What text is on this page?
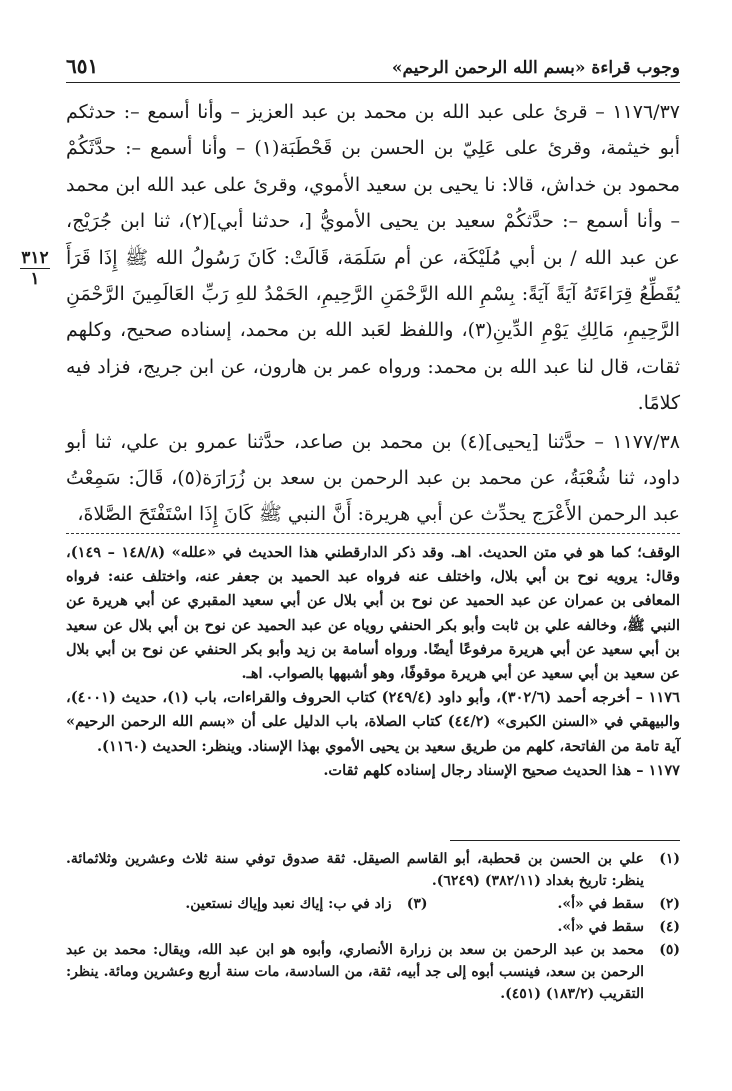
وجوب قراءة «بسم الله الرحمن الرحيم»
٦٥١
٣١٢
١

١١٧٦/٣٧ – قرئ على عبد الله بن محمد بن عبد العزيز – وأنا أسمع –: حدثكم أبو خيثمة، وقرئ على عَلِيّ بن الحسن بن قَحْطَبَة(١) – وأنا أسمع –: حدَّثَكُمْ محمود بن خداش، قالا: نا يحيى بن سعيد الأموي، وقرئ على عبد الله ابن محمد – وأنا أسمع –: حدَّثكُمْ سعيد بن يحيى الأمويُّ [، حدثنا أبي](٢)، ثنا ابن جُرَيْج، عن عبد الله / بن أبي مُلَيْكَة، عن أم سَلَمَة، قَالَتْ: كَانَ رَسُولُ الله ﷺ إِذَا قَرَأَ يُقَطِّعُ قِرَاءَتَهُ آيَةً آيَةً: بِسْمِ الله الرَّحْمَنِ الرَّحِيمِ، الحَمْدُ للهِ رَبِّ العَالَمِينَ الرَّحْمَنِ الرَّحِيمِ، مَالِكِ يَوْمِ الدِّينِ(٣)، واللفظ لعَبد الله بن محمد، إسناده صحيح، وكلهم ثقات، قال لنا عبد الله بن محمد: ورواه عمر بن هارون، عن ابن جريج، فزاد فيه كلامًا.

١١٧٧/٣٨ – حدَّثنا [يحيى](٤) بن محمد بن صاعد، حدَّثنا عمرو بن علي، ثنا أبو داود، ثنا شُعْبَةُ، عن محمد بن عبد الرحمن بن سعد بن زُرَارَة(٥)، قَالَ: سَمِعْتُ عبد الرحمن الأَعْرَج يحدِّث عن أبي هريرة: أَنَّ النبي ﷺ كَانَ إِذَا اسْتَفْتَحَ الصَّلاةَ،

الوقف؛ كما هو في متن الحديث. اهـ. وقد ذكر الدارقطني هذا الحديث في «علله» (١٤٨/٨ – ١٤٩)، وقال: يرويه نوح بن أبي بلال، واختلف عنه فرواه عبد الحميد بن جعفر عنه، واختلف عنه: فرواه المعافى بن عمران عن عبد الحميد عن نوح بن أبي بلال عن أبي سعيد المقبري عن أبي هريرة عن النبي ﷺ، وخالفه علي بن ثابت وأبو بكر الحنفي روياه عن عبد الحميد عن نوح بن أبي بلال عن سعيد بن أبي سعيد عن أبي هريرة مرفوعًا أيضًا. ورواه أسامة بن زيد وأبو بكر الحنفي عن نوح بن أبي بلال عن سعيد بن أبي سعيد عن أبي هريرة موقوفًا، وهو أشبهها بالصواب. اهـ.

١١٧٦ – أخرجه أحمد (٣٠٢/٦)، وأبو داود (٢٤٩/٤) كتاب الحروف والقراءات، باب (١)، حديث (٤٠٠١)، والبيهقي في «السنن الكبرى» (٤٤/٢) كتاب الصلاة، باب الدليل على أن «بسم الله الرحمن الرحيم» آية تامة من الفاتحة، كلهم من طريق سعيد بن يحيى الأموي بهذا الإسناد. وينظر: الحديث (١١٦٠).

١١٧٧ – هذا الحديث صحيح الإسناد رجال إسناده كلهم ثقات.

(١)
علي بن الحسن بن قحطبة، أبو القاسم الصيقل. ثقة صدوق توفي سنة ثلاث وعشرين وثلاثمائة. ينظر: تاريخ بغداد (٣٨٢/١١) (٦٢٤٩).
(٢)
سقط في «أ».
(٣)
زاد في ب: إياك نعبد وإياك نستعين.
(٤)
سقط في «أ».
(٥)
محمد بن عبد الرحمن بن سعد بن زرارة الأنصاري، وأبوه هو ابن عبد الله، ويقال: محمد بن عبد الرحمن بن سعد، فينسب أبوه إلى جد أبيه، ثقة، من السادسة، مات سنة أربع وعشرين ومائة. ينظر: التقريب (١٨٣/٢) (٤٥١).
